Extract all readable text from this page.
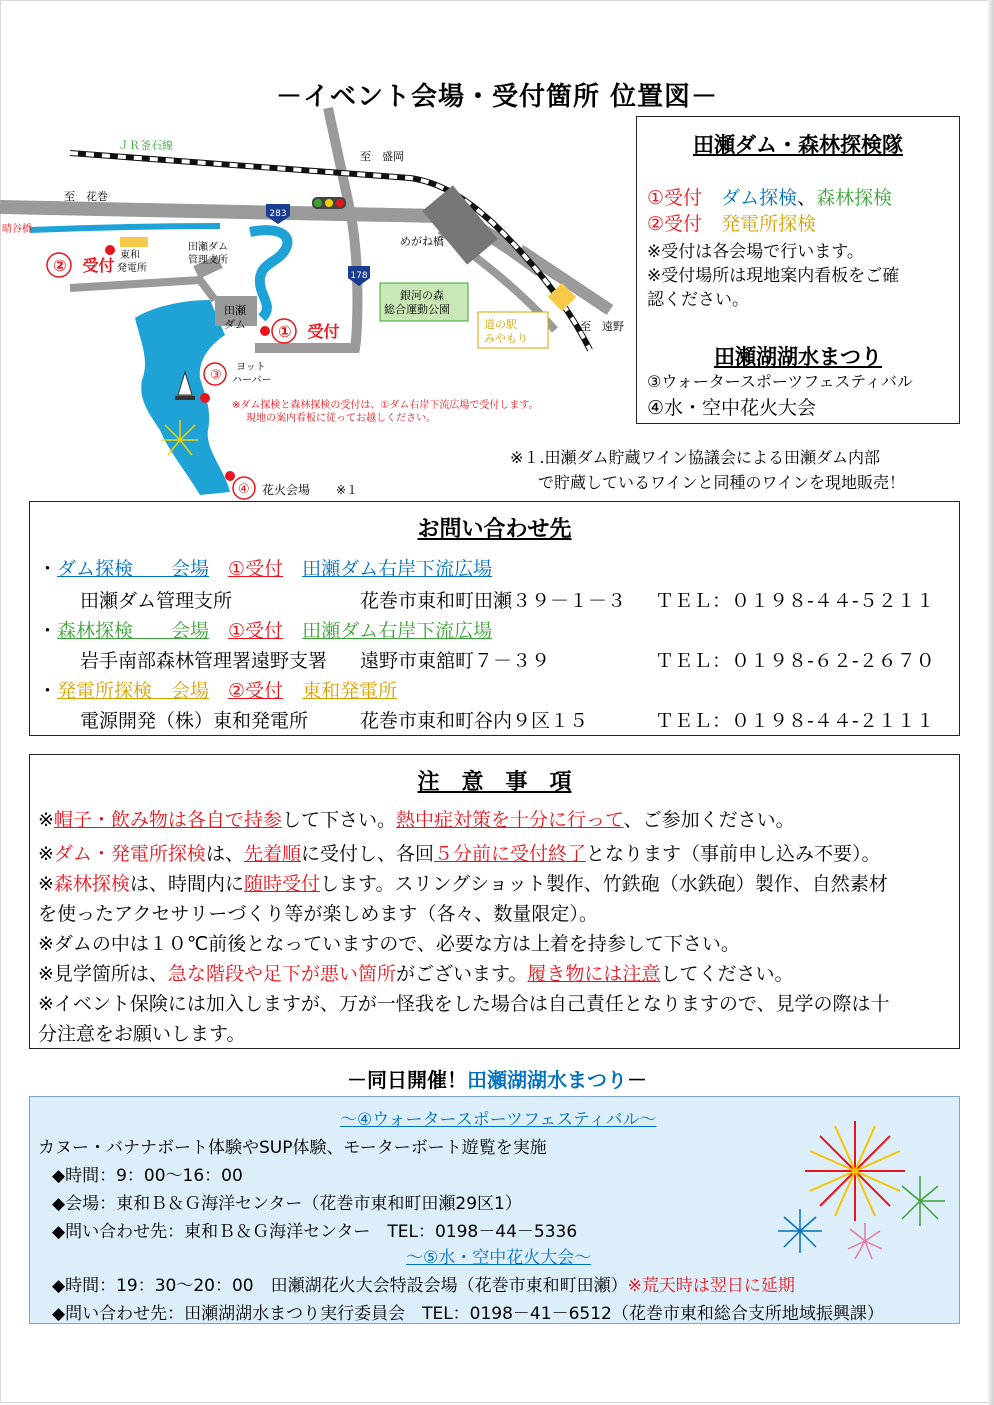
－イベント会場・受付箇所 位置図－
283
178
ＪＲ釜石線
至　盛岡
至　花巻
至　遠野
晴谷橋
めがね橋
東和発電所
田瀬ダム管理支所
田瀬ダム
銀河の森総合運動公園
道の駅みやもり
①　受付
②　受付
③
ヨットハーバー
④ 花火会場 ※１
※ダム探検と森林探検の受付は、①ダム右岸下流広場で受付します。現地の案内看板に従ってお越しください。
田瀬ダム・森林探検隊
①受付　 ダム探検、森林探検
②受付　 発電所探検
※受付は各会場で行います。
※受付場所は現地案内看板をご確
認ください。
田瀬湖湖水まつり
③ウォータースポーツフェスティバル
④水・空中花火大会
※１.田瀬ダム貯蔵ワイン協議会による田瀬ダム内部
で貯蔵しているワインと同種のワインを現地販売！
お問い合わせ先
・ダム探検　　会場　 ①受付　 田瀬ダム右岸下流広場
田瀬ダム管理支所	花巻市東和町田瀬３９－１－３ ＴＥＬ：０１９８-４４-５２１１
・森林探検　　会場　 ①受付　 田瀬ダム右岸下流広場
岩手南部森林管理署遠野支署 遠野市東舘町７－３９	ＴＥＬ：０１９８-６２-２６７０
・発電所探検　会場　 ②受付　 東和発電所
電源開発（株）東和発電所	花巻市東和町谷内９区１５	ＴＥＬ：０１９８-４４-２１１１
注　意　事　項
※帽子・飲み物は各自で持参して下さい。熱中症対策を十分に行って、ご参加ください。
※ダム・発電所探検は、先着順に受付し、各回５分前に受付終了となります（事前申し込み不要）。
※森林探検は、時間内に随時受付します。スリングショット製作、竹鉄砲（水鉄砲）製作、自然素材
を使ったアクセサリーづくり等が楽しめます（各々、数量限定）。
※ダムの中は１０℃前後となっていますので、必要な方は上着を持参して下さい。
※見学箇所は、急な階段や足下が悪い箇所がございます。履き物には注意してください。
※イベント保険には加入しますが、万が一怪我をした場合は自己責任となりますので、見学の際は十
分注意をお願いします。
－同日開催！田瀬湖湖水まつり－
～④ウォータースポーツフェスティバル～
カヌー・バナナボート体験やSUP体験、モーターボート遊覧を実施
◆時間：9：00～16：00
◆会場：東和Ｂ＆Ｇ海洋センター（花巻市東和町田瀬29区1）
◆問い合わせ先：東和Ｂ＆Ｇ海洋センター　TEL：0198－44－5336
～⑤水・空中花火大会～
◆時間：19：30～20：00　田瀬湖花火大会特設会場（花巻市東和町田瀬）※荒天時は翌日に延期
◆問い合わせ先：田瀬湖湖水まつり実行委員会　TEL：0198－41－6512（花巻市東和総合支所地域振興課）
